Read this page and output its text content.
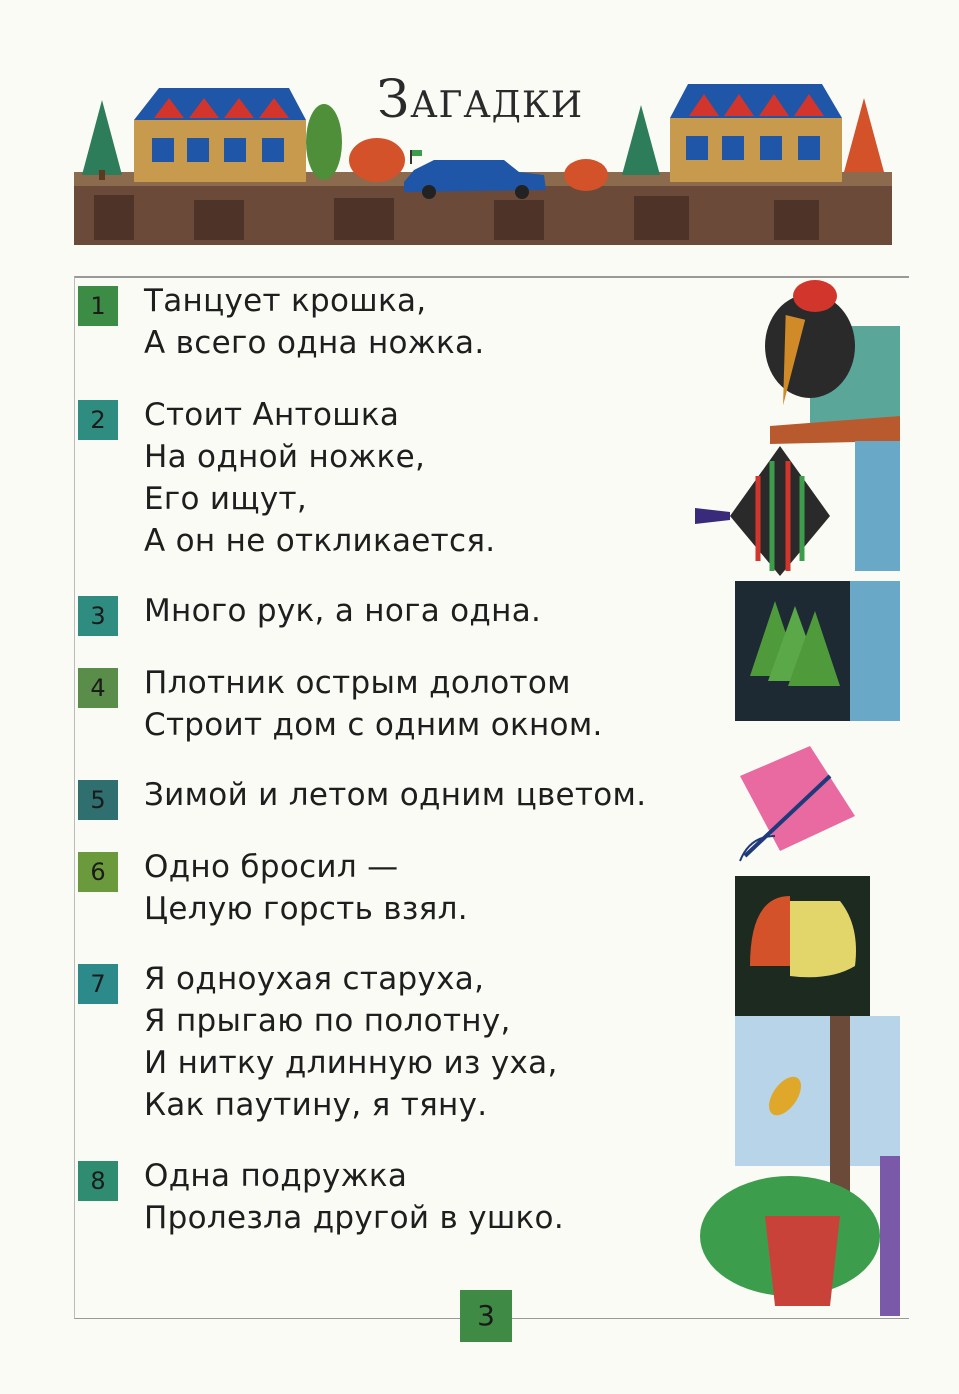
Загадки
1	Танцует крошка,
А всего одна ножка.
2	Стоит Антошка
На одной ножке,
Его ищут,
А он не откликается.
3	Много рук, а нога одна.
4	Плотник острым долотом
Строит дом с одним окном.
5	Зимой и летом одним цветом.
6	Одно бросил —
Целую горсть взял.
7	Я одноухая старуха,
Я прыгаю по полотну,
И нитку длинную из уха,
Как паутину, я тяну.
8	Одна подружка
Пролезла другой в ушко.
3
